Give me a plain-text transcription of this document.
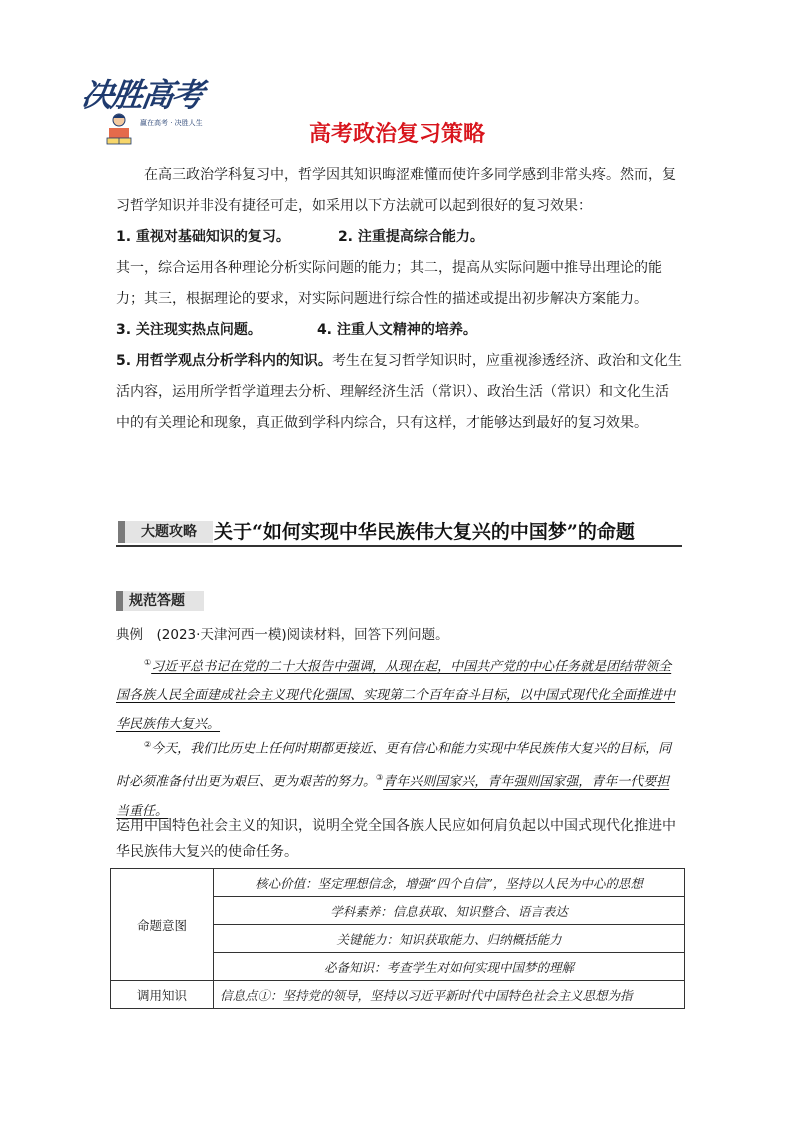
决胜高考
赢在高考 · 决胜人生	高考政治复习策略
在高三政治学科复习中，哲学因其知识晦涩难懂而使许多同学感到非常头疼。然而，复习哲学知识并非没有捷径可走，如采用以下方法就可以起到很好的复习效果：
1. 重视对基础知识的复习。	2. 注重提高综合能力。
其一，综合运用各种理论分析实际问题的能力；其二，提高从实际问题中推导出理论的能力；其三，根据理论的要求，对实际问题进行综合性的描述或提出初步解决方案能力。
3. 关注现实热点问题。	4. 注重人文精神的培养。
5. 用哲学观点分析学科内的知识。考生在复习哲学知识时，应重视渗透经济、政治和文化生活内容，运用所学哲学道理去分析、理解经济生活（常识）、政治生活（常识）和文化生活中的有关理论和现象，真正做到学科内综合，只有这样，才能够达到最好的复习效果。
大题攻略 关于“如何实现中华民族伟大复兴的中国梦”的命题
规范答题
典例　(2023·天津河西一模)阅读材料，回答下列问题。
①习近平总书记在党的二十大报告中强调，从现在起，中国共产党的中心任务就是团结带领全国各族人民全面建成社会主义现代化强国、实现第二个百年奋斗目标，以中国式现代化全面推进中华民族伟大复兴。
②今天，我们比历史上任何时期都更接近、更有信心和能力实现中华民族伟大复兴的目标，同时必须准备付出更为艰巨、更为艰苦的努力。③青年兴则国家兴，青年强则国家强，青年一代要担当重任。
运用中国特色社会主义的知识，说明全党全国各族人民应如何肩负起以中国式现代化推进中华民族伟大复兴的使命任务。
命题意图	核心价值：坚定理想信念，增强“四个自信”，坚持以人民为中心的思想
	学科素养：信息获取、知识整合、语言表达
	关键能力：知识获取能力、归纳概括能力
	必备知识：考查学生对如何实现中国梦的理解
调用知识	信息点①：坚持党的领导，坚持以习近平新时代中国特色社会主义思想为指
